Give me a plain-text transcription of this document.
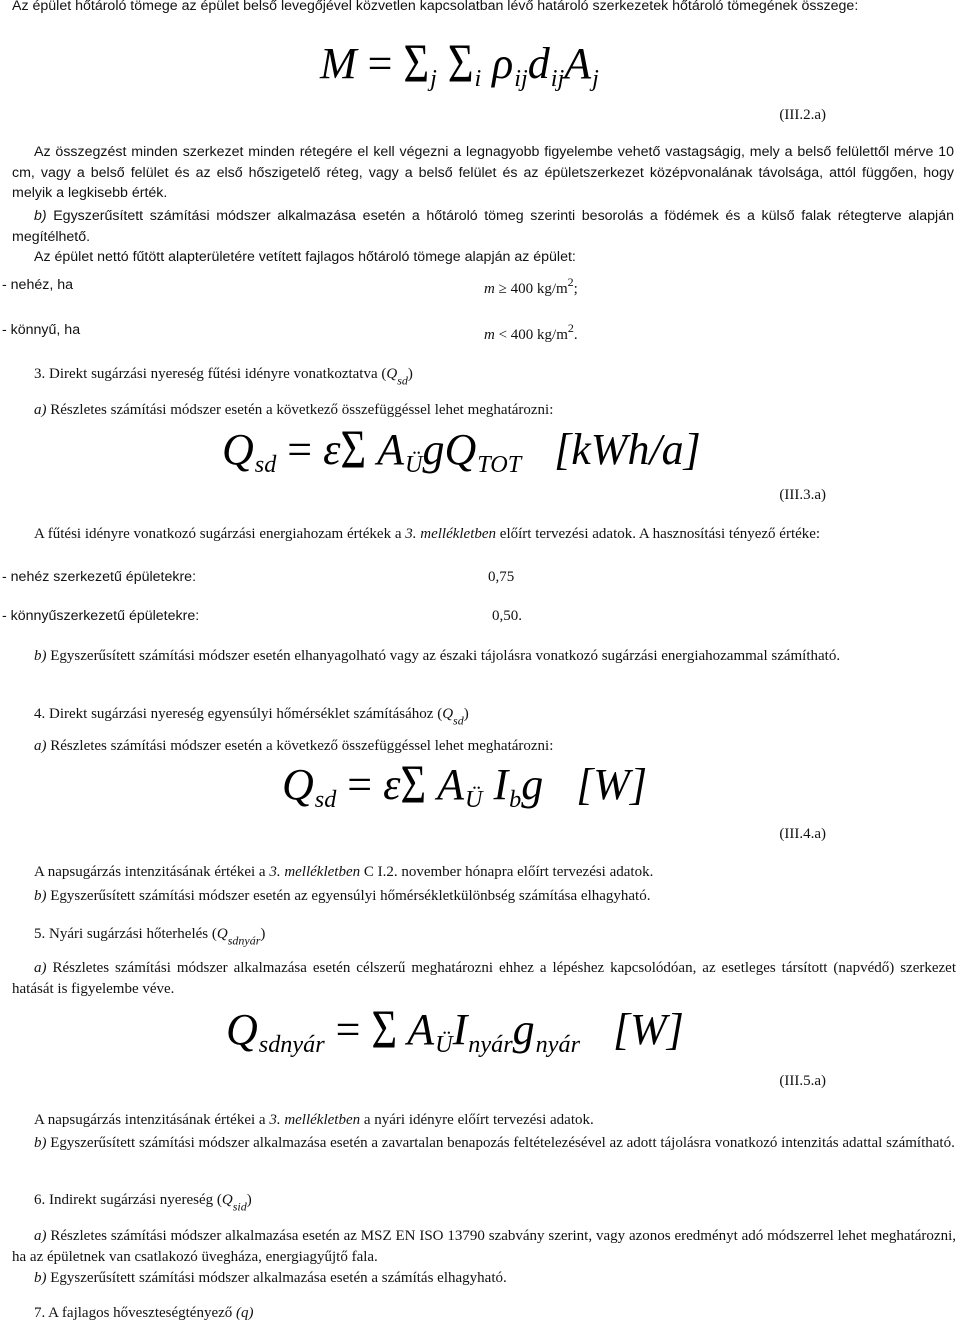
Az épület hőtároló tömege az épület belső levegőjével közvetlen kapcsolatban lévő határoló szerkezetek hőtároló tömegének összege:
$M = \Sigma_j$ $\Sigma_i$ $\rho_{ij}d_{ij}A_j$
(III.2.a)
Az összegzést minden szerkezet minden rétegére el kell végezni a legnagyobb figyelembe vehető vastagságig, mely a belső felülettől mérve 10 cm, vagy a belső felület és az első hőszigetelő réteg, vagy a belső felület és az épületszerkezet középvonalának távolsága, attól függően, hogy melyik a legkisebb érték.
b) Egyszerűsített számítási módszer alkalmazása esetén a hőtároló tömeg szerinti besorolás a födémek és a külső falak rétegterve alapján megítélhető.
Az épület nettó fűtött alapterületére vetített fajlagos hőtároló tömege alapján az épület:
- nehéz, ha	m ≥ 400 $kg/m^2$;
- könnyű, ha	m < 400 $kg/m^2$.
3. Direkt sugárzási nyereség fűtési idényre vonatkoztatva $(Q_{sd})$
a) Részletes számítási módszer esetén a következő összefüggéssel lehet meghatározni:
$Q_{sd} = \varepsilon\Sigma$ $A_ÜgQ_{TOT}$ [kWh/a]
(III.3.a)
A fűtési idényre vonatkozó sugárzási energiahozam értékek a 3. mellékletben előírt tervezési adatok. A hasznosítási tényező értéke:
- nehéz szerkezetű épületekre:	0,75
- könnyűszerkezetű épületekre:	0,50.
b) Egyszerűsített számítási módszer esetén elhanyagolható vagy az északi tájolásra vonatkozó sugárzási energiahozammal számítható.
4. Direkt sugárzási nyereség egyensúlyi hőmérséklet számításához $(Q_{sd})$
a) Részletes számítási módszer esetén a következő összefüggéssel lehet meghatározni:
$Q_{sd} = \varepsilon\Sigma$ $A_Ü$ $I_bg$ [W]
(III.4.a)
A napsugárzás intenzitásának értékei a 3. mellékletben C I.2. november hónapra előírt tervezési adatok.
b) Egyszerűsített számítási módszer esetén az egyensúlyi hőmérsékletkülönbség számítása elhagyható.
5. Nyári sugárzási hőterhelés $(Q_{sdnyár})$
a) Részletes számítási módszer alkalmazása esetén célszerű meghatározni ehhez a lépéshez kapcsolódóan, az esetleges társított (napvédő) szerkezet hatását is figyelembe véve.
$Q_{sdnyár} = \Sigma$ $A_ÜI_{nyár}g_{nyár}$ [W]
(III.5.a)
A napsugárzás intenzitásának értékei a 3. mellékletben a nyári idényre előírt tervezési adatok.
b) Egyszerűsített számítási módszer alkalmazása esetén a zavartalan benapozás feltételezésével az adott tájolásra vonatkozó intenzitás adattal számítható.
6. Indirekt sugárzási nyereség $(Q_{sid})$
a) Részletes számítási módszer alkalmazása esetén az MSZ EN ISO 13790 szabvány szerint, vagy azonos eredményt adó módszerrel lehet meghatározni, ha az épületnek van csatlakozó üvegháza, energiagyűjtő fala.
b) Egyszerűsített számítási módszer alkalmazása esetén a számítás elhagyható.
7. A fajlagos hőveszteségtényező (q)
